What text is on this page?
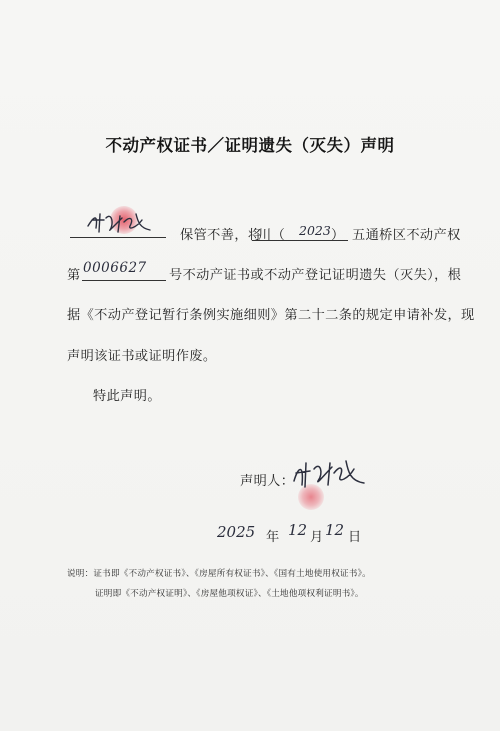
不动产权证书／证明遗失（灭失）声明
保管不善，将
川（ 2023 ） 五通桥区不动产权
第 0006627 号不动产证书或不动产登记证明遗失（灭失），根
据《不动产登记暂行条例实施细则》第二十二条的规定申请补发，现
声明该证书或证明作废。
特此声明。
声明人：
2025 年 12 月 12 日
说明：证书即《不动产权证书》、《房屋所有权证书》、《国有土地使用权证书》。
证明即《不动产权证明》、《房屋他项权证》、《土地他项权利证明书》。
